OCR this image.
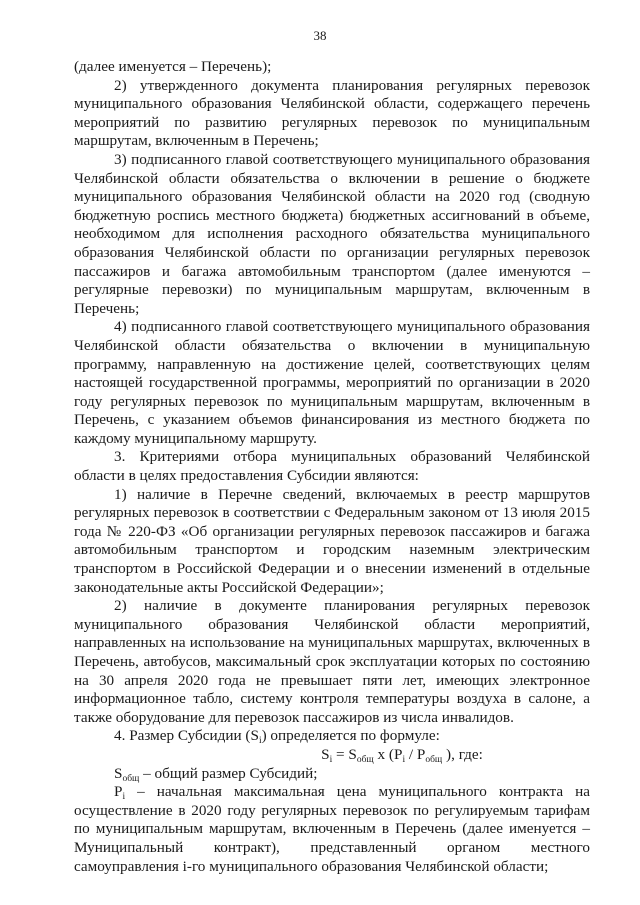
38

(далее именуется – Перечень);

2) утвержденного документа планирования регулярных перевозок муниципального образования Челябинской области, содержащего перечень мероприятий по развитию регулярных перевозок по муниципальным маршрутам, включенным в Перечень;

3) подписанного главой соответствующего муниципального образования Челябинской области обязательства о включении в решение о бюджете муниципального образования Челябинской области на 2020 год (сводную бюджетную роспись местного бюджета) бюджетных ассигнований в объеме, необходимом для исполнения расходного обязательства муниципального образования Челябинской области по организации регулярных перевозок пассажиров и багажа автомобильным транспортом (далее именуются – регулярные перевозки) по муниципальным маршрутам, включенным в Перечень;

4) подписанного главой соответствующего муниципального образования Челябинской области обязательства о включении в муниципальную программу, направленную на достижение целей, соответствующих целям настоящей государственной программы, мероприятий по организации в 2020 году регулярных перевозок по муниципальным маршрутам, включенным в Перечень, с указанием объемов финансирования из местного бюджета по каждому муниципальному маршруту.

3. Критериями отбора муниципальных образований Челябинской области в целях предоставления Субсидии являются:

1) наличие в Перечне сведений, включаемых в реестр маршрутов регулярных перевозок в соответствии с Федеральным законом от 13 июля 2015 года № 220-ФЗ «Об организации регулярных перевозок пассажиров и багажа автомобильным транспортом и городским наземным электрическим транспортом в Российской Федерации и о внесении изменений в отдельные законодательные акты Российской Федерации»;

2) наличие в документе планирования регулярных перевозок муниципального образования Челябинской области мероприятий, направленных на использование на муниципальных маршрутах, включенных в Перечень, автобусов, максимальный срок эксплуатации которых по состоянию на 30 апреля 2020 года не превышает пяти лет, имеющих электронное информационное табло, систему контроля температуры воздуха в салоне, а также оборудование для перевозок пассажиров из числа инвалидов.

4. Размер Субсидии $(S_i)$ определяется по формуле:

$S_i = S_{общ}$ x ($P_i / P_{общ}$ ), где:

$S_{общ}$ – общий размер Субсидий;

$P_i$ – начальная максимальная цена муниципального контракта на осуществление в 2020 году регулярных перевозок по регулируемым тарифам по муниципальным маршрутам, включенным в Перечень (далее именуется – Муниципальный контракт), представленный органом местного самоуправления i-го муниципального образования Челябинской области;
